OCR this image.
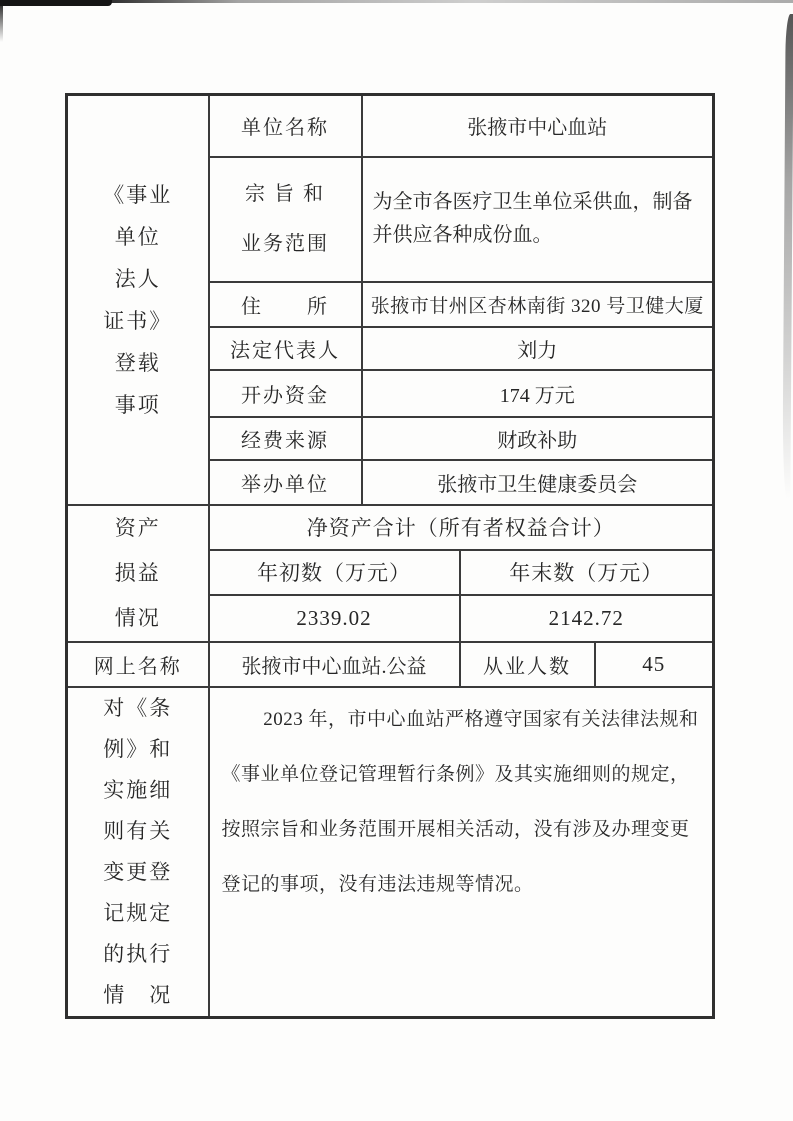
《事业
单位
法人
证书》
登载
事项
	单位名称	张掖市中心血站

	宗 旨 和
业务范围	为全市各医疗卫生单位采供血，制备并供应各种成份血。		
	住　　所	张掖市甘州区杏林南街 320 号卫健大厦		
	法定代表人	刘力		
	开办资金	174 万元		
	经费来源	财政补助		
	举办单位	张掖市卫生健康委员会		

资产
损益
情况	净资产合计（所有者权益合计）			
	年初数（万元）		年末数（万元）	
	2339.02		2142.72	
网上名称	张掖市中心血站.公益		从业人数	45

对《条
例》和
实施细
则有关
变更登
记规定
的执行
情　况
	2023 年，市中心血站严格遵守国家有关法律法规和《事业单位登记管理暂行条例》及其实施细则的规定，按照宗旨和业务范围开展相关活动，没有涉及办理变更登记的事项，没有违法违规等情况。
